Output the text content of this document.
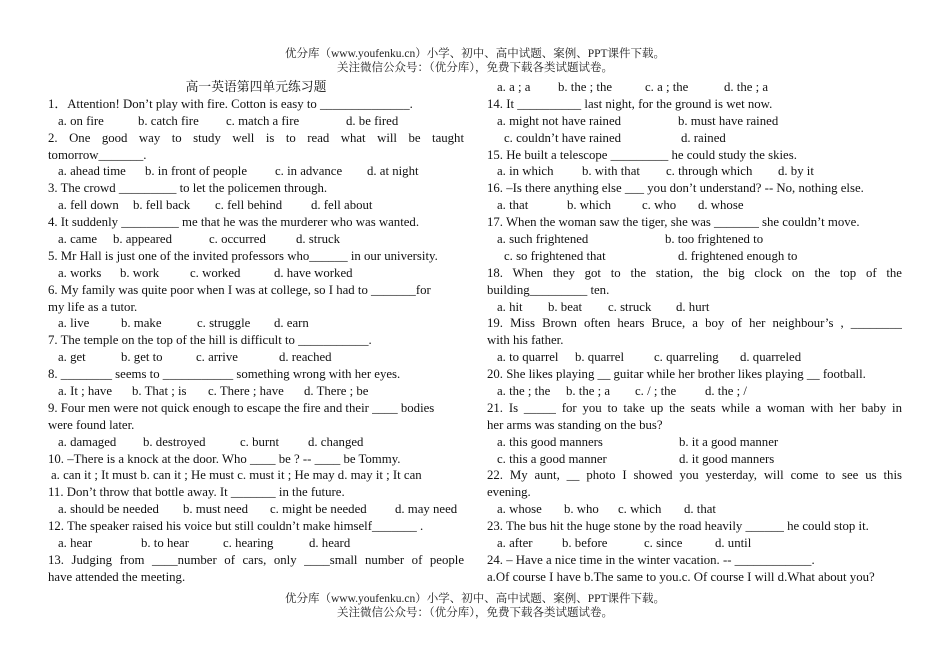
优分库（www.youfenku.cn）小学、初中、高中试题、案例、PPT课件下载。
关注微信公众号：（优分库），免费下载各类试题试卷。
高一英语第四单元练习题
1．Attention! Don’t play with fire. Cotton is easy to ______________.
a. on fire	b. catch fire	c. match a fire	d. be fired
2. One good way to study well is to read what will be taught
tomorrow_______.
a. ahead time	b. in front of people	c. in advance	d. at night
3. The crowd _________ to let the policemen through.
a. fell down	b. fell back	c. fell behind	d. fell about
4. It suddenly _________ me that he was the murderer who was wanted.
a. came	b. appeared	c. occurred	d. struck
5. Mr Hall is just one of the invited professors who______ in our university.
a. works	b. work	c. worked	d. have worked
6. My family was quite poor when I was at college, so I had to _______for
my life as a tutor.
a. live	b. make	c. struggle	d. earn
7. The temple on the top of the hill is difficult to ___________.
a. get	b. get to	c. arrive	d. reached
8. ________ seems to ___________ something wrong with her eyes.
a. It ; have	b. That ; is	c. There ; have	d. There ; be
9. Four men were not quick enough to escape the fire and their ____ bodies
were found later.
a. damaged	b. destroyed	c. burnt	d. changed
10. –There is a knock at the door. Who ____ be ? -- ____ be Tommy.
a. can it ; It must b. can it ; He must c. must it ; He may d. may it ; It can
11. Don’t throw that bottle away. It _______ in the future.
a. should be needed	b. must need	c. might be needed	d. may need
12. The speaker raised his voice but still couldn’t make himself_______ .
a. hear	b. to hear	c. hearing	d. heard
13. Judging from ____number of cars, only ____small number of people
have attended the meeting.
a. a ; a	b. the ; the	c. a ; the	d. the ; a
14. It __________ last night, for the ground is wet now.
a. might not have rained	b. must have rained
c. couldn’t have rained	d. rained
15. He built a telescope _________ he could study the skies.
a. in which	b. with that	c. through which	d. by it
16. –Is there anything else ___ you don’t understand? -- No, nothing else.
a. that	b. which	c. who	d. whose
17. When the woman saw the tiger, she was _______ she couldn’t move.
a. such frightened	b. too frightened to
c. so frightened that	d. frightened enough to
18. When they got to the station, the big clock on the top of the
building_________ ten.
a. hit	b. beat	c. struck	d. hurt
19. Miss Brown often hears Bruce, a boy of her neighbour’s , ________
with his father.
a. to quarrel	b. quarrel	c. quarreling	d. quarreled
20. She likes playing __ guitar while her brother likes playing __ football.
a. the ; the	b. the ; a	c. / ; the	d. the ; /
21. Is _____ for you to take up the seats while a woman with her baby in
her arms was standing on the bus?
a. this good manners	b. it a good manner
c. this a good manner	d. it good manners
22. My aunt, __ photo I showed you yesterday, will come to see us this
evening.
a. whose	b. who	c. which	d. that
23. The bus hit the huge stone by the road heavily ______ he could stop it.
a. after	b. before	c. since	d. until
24. – Have a nice time in the winter vacation. -- ____________.
a.Of course I have b.The same to you.c. Of course I will d.What about you?
优分库（www.youfenku.cn）小学、初中、高中试题、案例、PPT课件下载。
关注微信公众号：（优分库），免费下载各类试题试卷。
